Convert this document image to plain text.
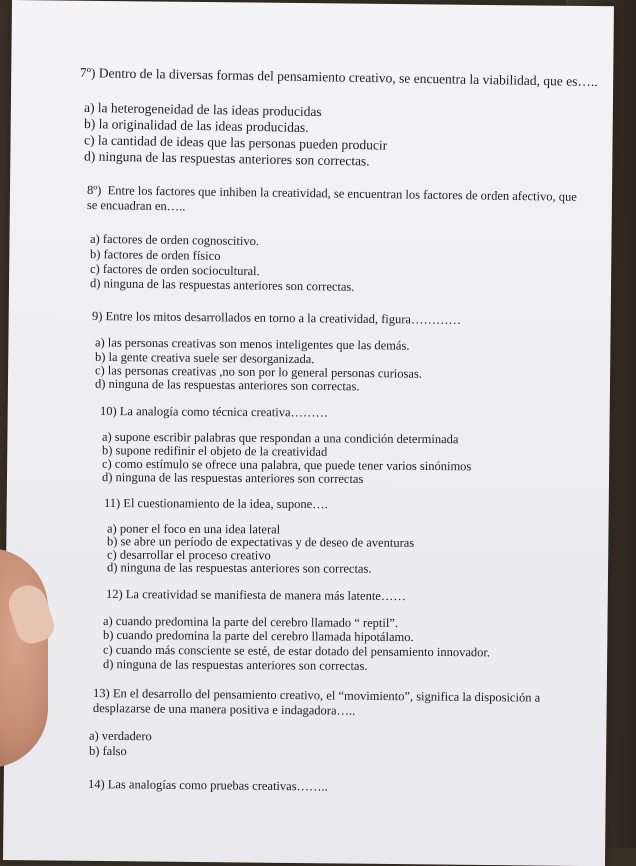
7º) Dentro de la diversas formas del pensamiento creativo, se encuentra la viabilidad, que es…..
a) la heterogeneidad de las ideas producidas
b) la originalidad de las ideas producidas.
c) la cantidad de ideas que las personas pueden producir
d) ninguna de las respuestas anteriores son correctas.
8º) Entre los factores que inhiben la creatividad, se encuentran los factores de orden afectivo, que se encuadran en…..
a) factores de orden cognoscitivo.
b) factores de orden físico
c) factores de orden sociocultural.
d) ninguna de las respuestas anteriores son correctas.
9) Entre los mitos desarrollados en torno a la creatividad, figura…………
a) las personas creativas son menos inteligentes que las demás.
b) la gente creativa suele ser desorganizada.
c) las personas creativas ,no son por lo general personas curiosas.
d) ninguna de las respuestas anteriores son correctas.
10) La analogía como técnica creativa………
a) supone escribir palabras que respondan a una condición determinada
b) supone redifinir el objeto de la creatividad
c) como estímulo se ofrece una palabra, que puede tener varios sinónimos
d) ninguna de las respuestas anteriores son correctas
11) El cuestionamiento de la idea, supone….
a) poner el foco en una idea lateral
b) se abre un período de expectativas y de deseo de aventuras
c) desarrollar el proceso creativo
d) ninguna de las respuestas anteriores son correctas.
12) La creatividad se manifiesta de manera más latente……
a) cuando predomina la parte del cerebro llamado “ reptil”.
b) cuando predomina la parte del cerebro llamada hipotálamo.
c) cuando más consciente se esté, de estar dotado del pensamiento innovador.
d) ninguna de las respuestas anteriores son correctas.
13) En el desarrollo del pensamiento creativo, el “movimiento”, significa la disposición a desplazarse de una manera positiva e indagadora…..
a) verdadero
b) falso
14) Las analogías como pruebas creativas……..
